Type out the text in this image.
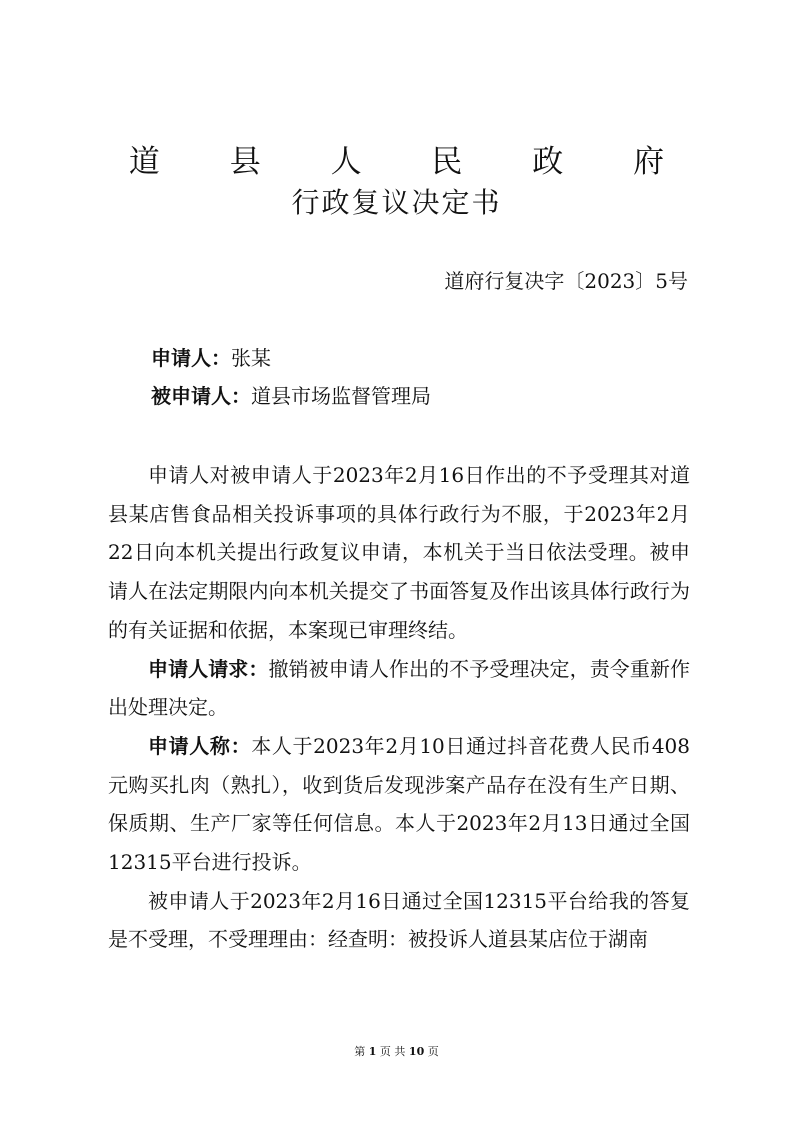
道 县 人 民 政 府
行政复议决定书
道府行复决字〔2023〕5号
申请人：张某
被申请人：道县市场监督管理局

申请人对被申请人于2023年2月16日作出的不予受理其对道县某店售食品相关投诉事项的具体行政行为不服，于2023年2月22日向本机关提出行政复议申请，本机关于当日依法受理。被申请人在法定期限内向本机关提交了书面答复及作出该具体行政行为的有关证据和依据，本案现已审理终结。

申请人请求：撤销被申请人作出的不予受理决定，责令重新作出处理决定。

申请人称：本人于2023年2月10日通过抖音花费人民币408元购买扎肉（熟扎），收到货后发现涉案产品存在没有生产日期、保质期、生产厂家等任何信息。本人于2023年2月13日通过全国12315平台进行投诉。

被申请人于2023年2月16日通过全国12315平台给我的答复是不受理，不受理理由：经查明：被投诉人道县某店位于湖南

第 1 页 共 10 页
